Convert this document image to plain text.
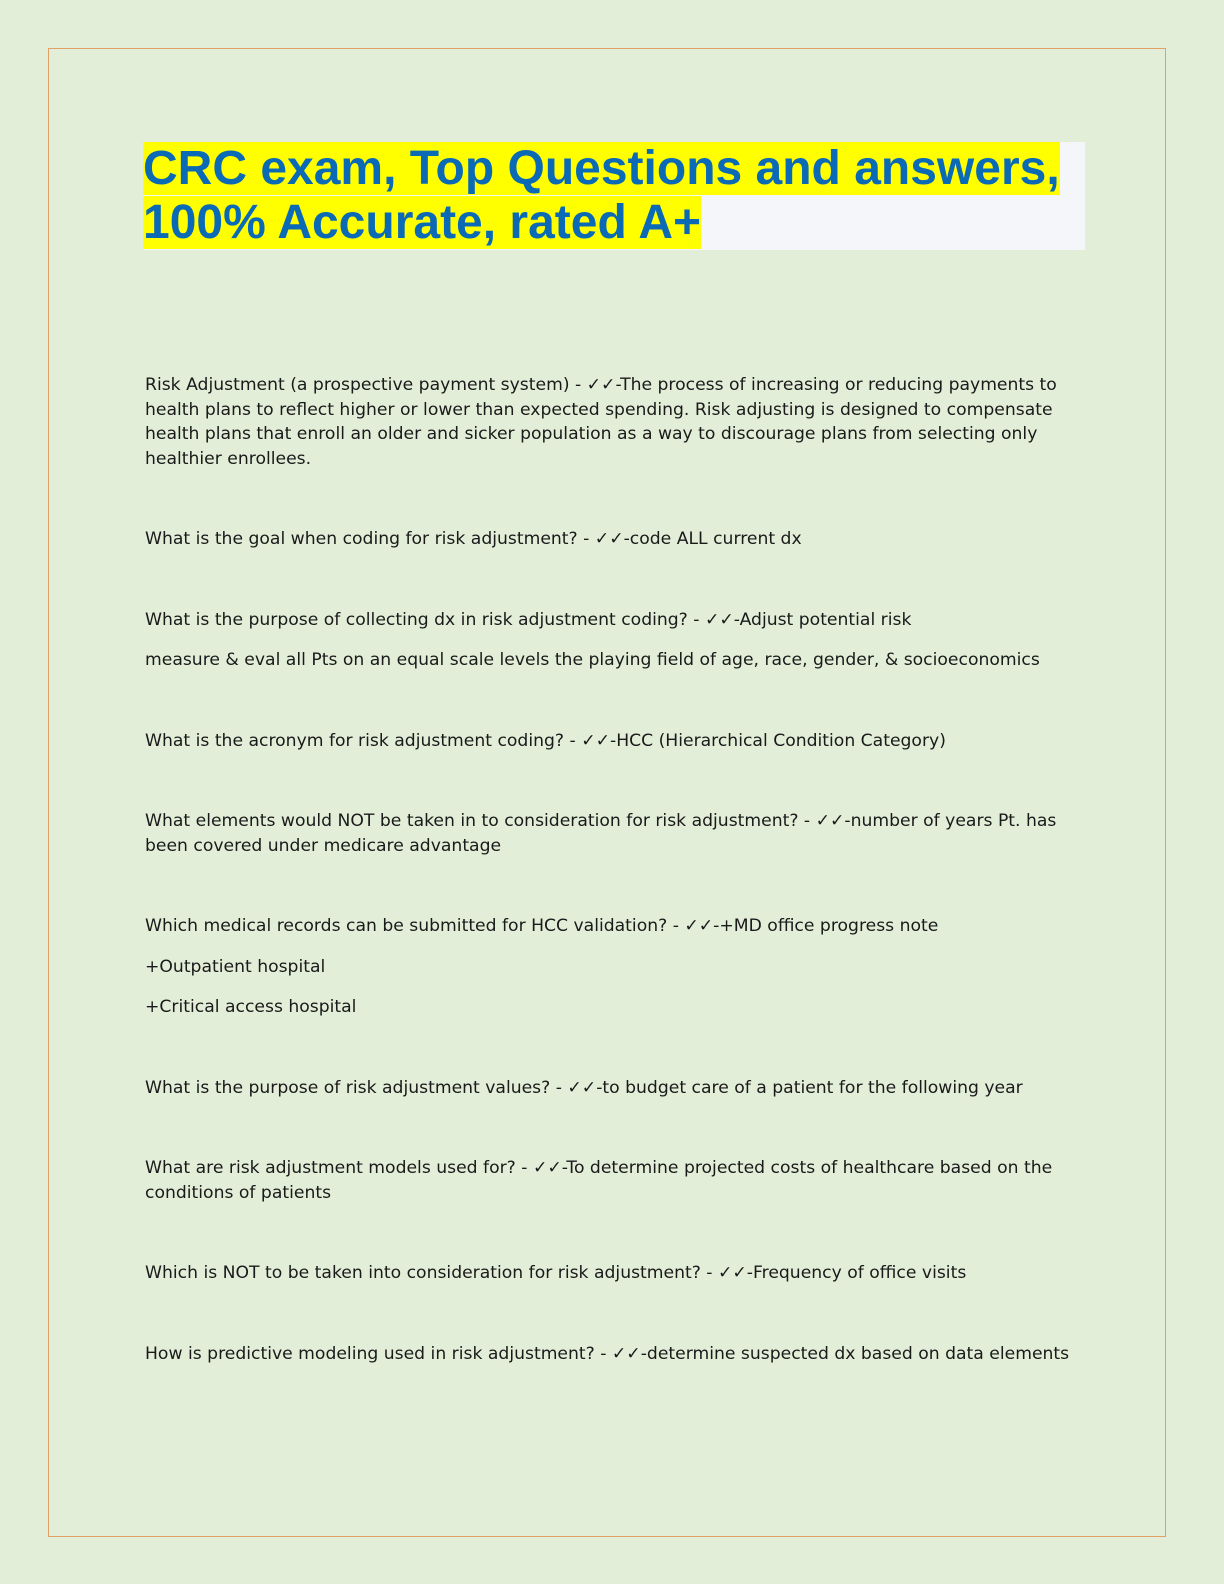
CRC exam, Top Questions and answers,
100% Accurate, rated A+

Risk Adjustment (a prospective payment system) - ✓✓-The process of increasing or reducing payments to health plans to reflect higher or lower than expected spending. Risk adjusting is designed to compensate health plans that enroll an older and sicker population as a way to discourage plans from selecting only healthier enrollees.

What is the goal when coding for risk adjustment? - ✓✓-code ALL current dx

What is the purpose of collecting dx in risk adjustment coding? - ✓✓-Adjust potential risk

measure & eval all Pts on an equal scale levels the playing field of age, race, gender, & socioeconomics

What is the acronym for risk adjustment coding? - ✓✓-HCC (Hierarchical Condition Category)

What elements would NOT be taken in to consideration for risk adjustment? - ✓✓-number of years Pt. has been covered under medicare advantage

Which medical records can be submitted for HCC validation? - ✓✓-+MD office progress note

+Outpatient hospital

+Critical access hospital

What is the purpose of risk adjustment values? - ✓✓-to budget care of a patient for the following year

What are risk adjustment models used for? - ✓✓-To determine projected costs of healthcare based on the conditions of patients

Which is NOT to be taken into consideration for risk adjustment? - ✓✓-Frequency of office visits

How is predictive modeling used in risk adjustment? - ✓✓-determine suspected dx based on data elements
